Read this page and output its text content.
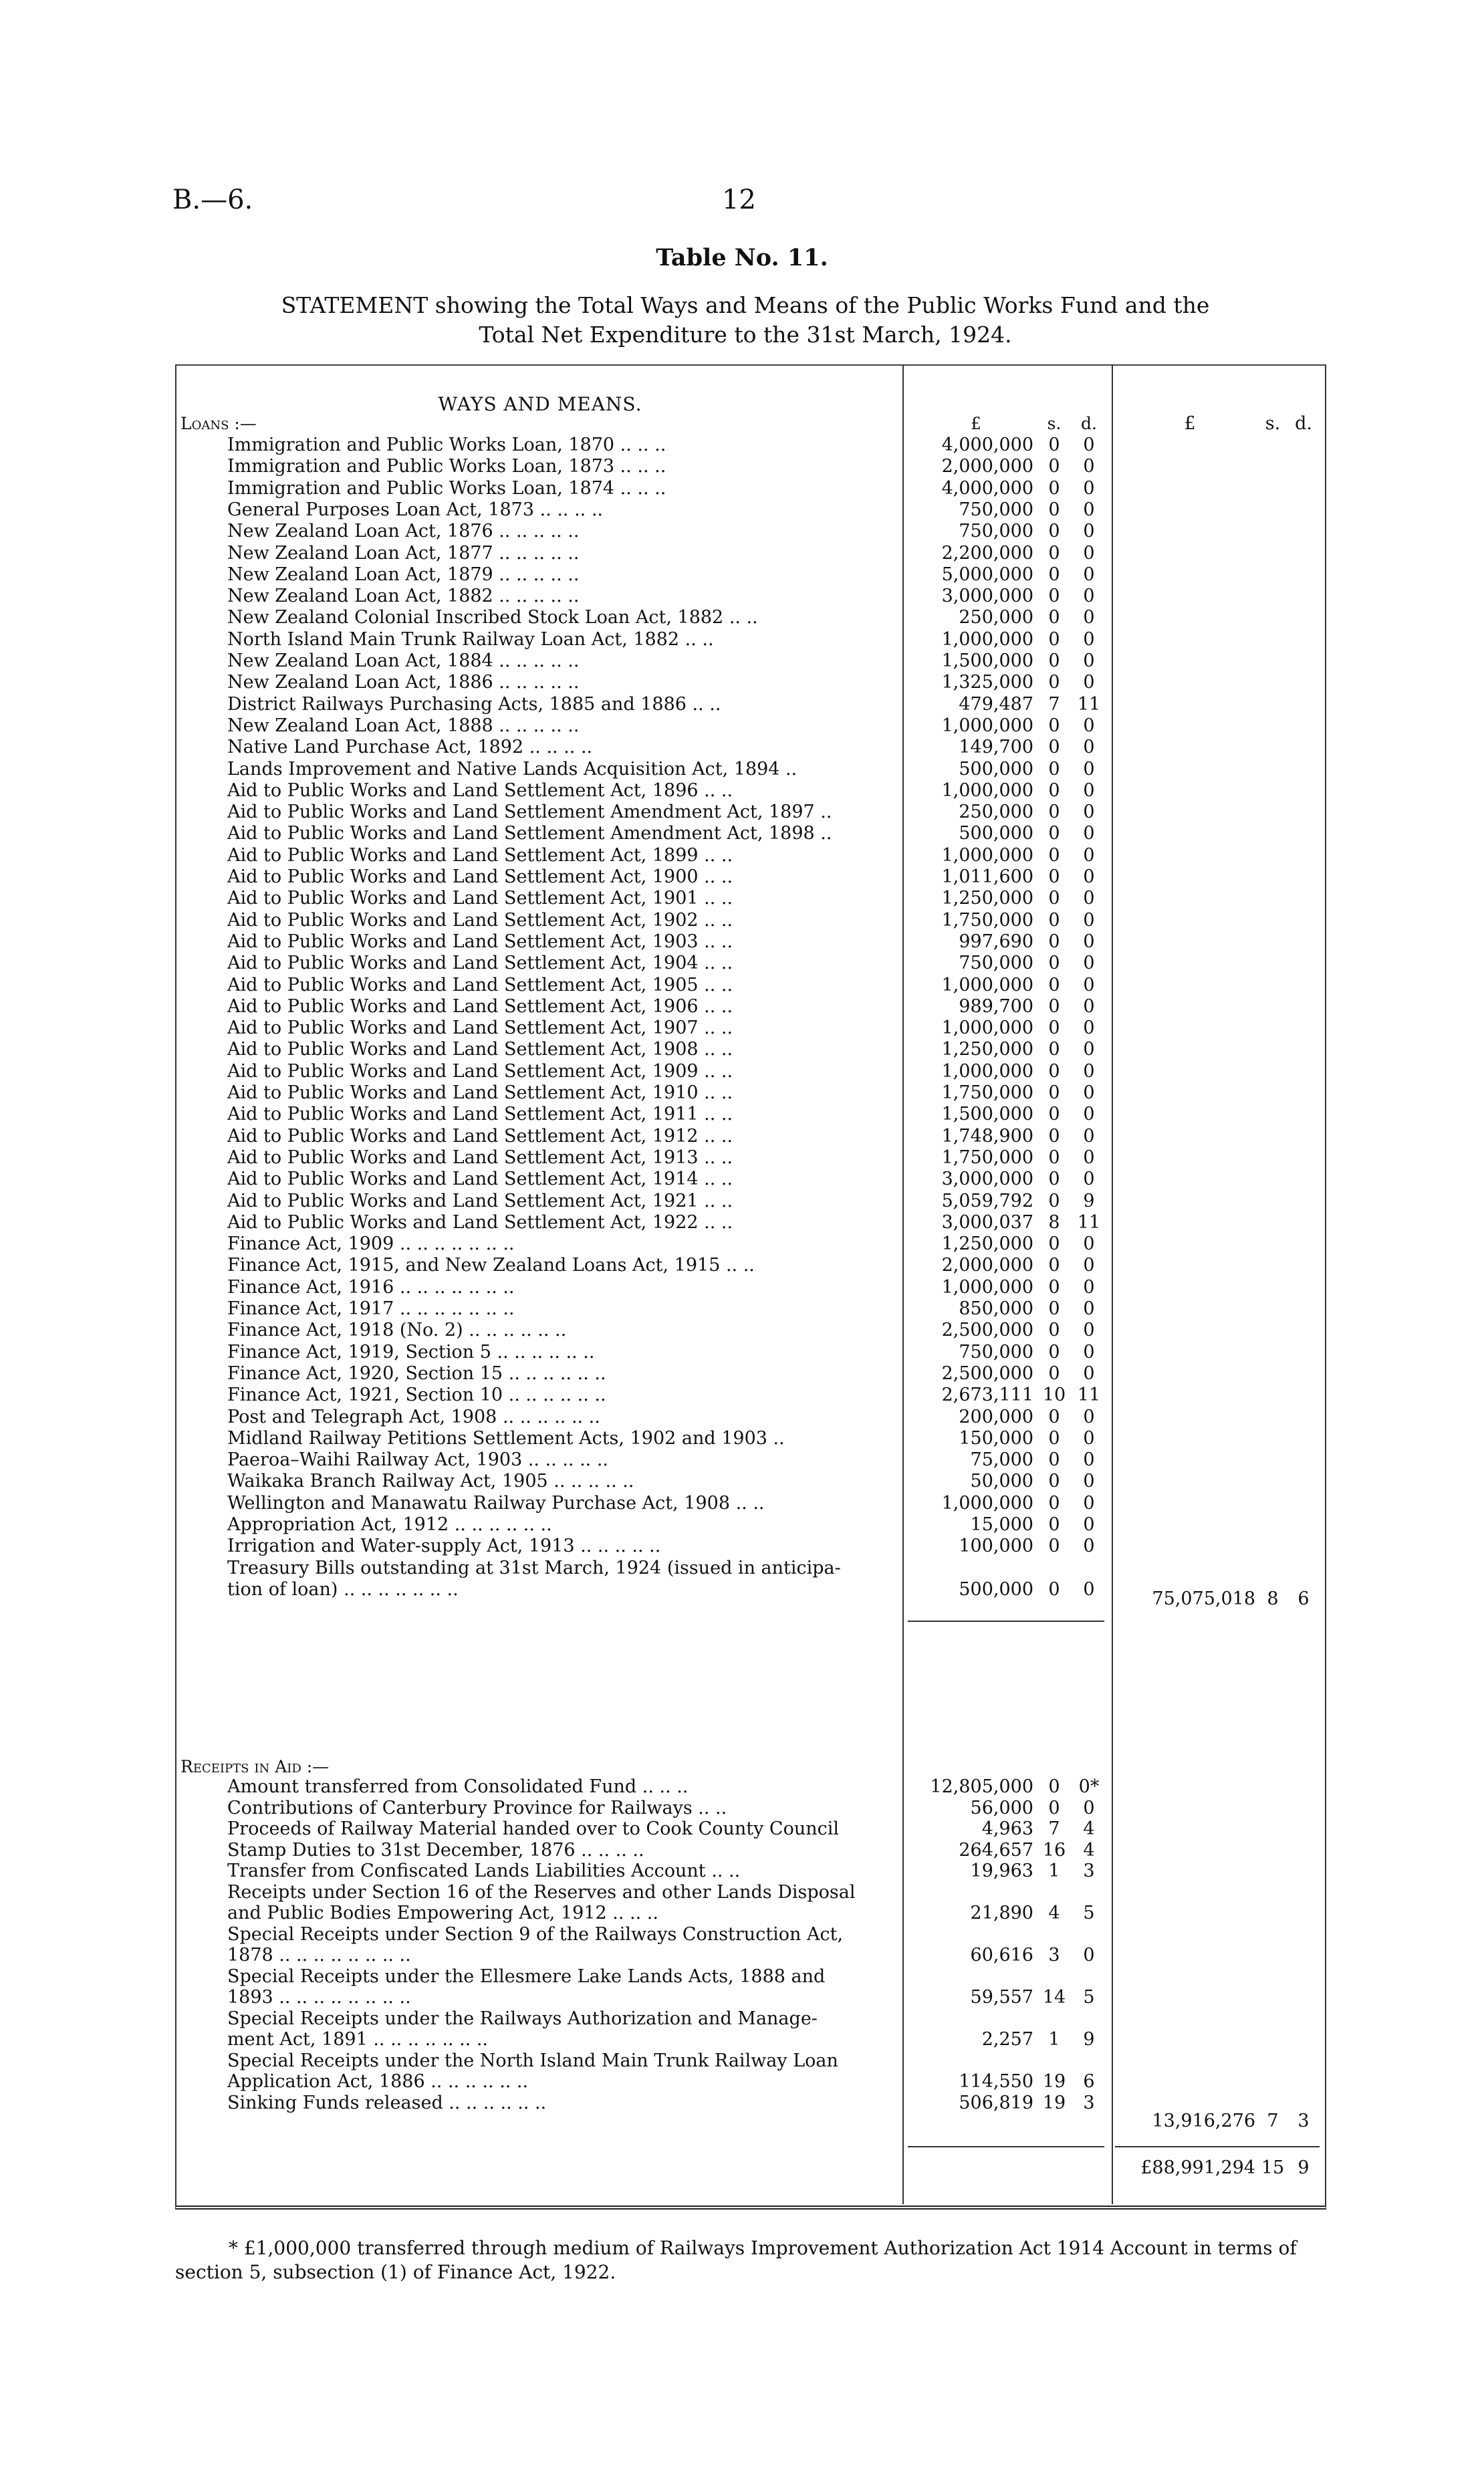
B.—6.	12
Table No. 11.
STATEMENT showing the Total Ways and Means of the Public Works Fund and the
Total Net Expenditure to the 31st March, 1924.
WAYS AND MEANS.
Loans :—	£	s.	d.	£	s. d.
Immigration and Public Works Loan, 1870 .. .. ..	4,000,000 0	0
Immigration and Public Works Loan, 1873 .. .. ..	2,000,000 0	0
Immigration and Public Works Loan, 1874 .. .. ..	4,000,000 0	0
General Purposes Loan Act, 1873 .. .. .. ..	750,000 0	0
New Zealand Loan Act, 1876 .. .. .. .. ..	750,000 0	0
New Zealand Loan Act, 1877 .. .. .. .. ..	2,200,000 0	0
New Zealand Loan Act, 1879 .. .. .. .. ..	5,000,000 0	0
New Zealand Loan Act, 1882 .. .. .. .. ..	3,000,000 0	0
New Zealand Colonial Inscribed Stock Loan Act, 1882 .. ..	250,000 0	0
North Island Main Trunk Railway Loan Act, 1882 .. ..	1,000,000 0	0
New Zealand Loan Act, 1884 .. .. .. .. ..	1,500,000 0	0
New Zealand Loan Act, 1886 .. .. .. .. ..	1,325,000 0	0
District Railways Purchasing Acts, 1885 and 1886 .. ..	479,487 7 11
New Zealand Loan Act, 1888 .. .. .. .. ..	1,000,000 0	0
Native Land Purchase Act, 1892 .. .. .. ..	149,700 0	0
Lands Improvement and Native Lands Acquisition Act, 1894 ..	500,000 0	0
Aid to Public Works and Land Settlement Act, 1896 .. ..	1,000,000 0	0
Aid to Public Works and Land Settlement Amendment Act, 1897 ..	250,000 0	0
Aid to Public Works and Land Settlement Amendment Act, 1898 ..	500,000 0	0
Aid to Public Works and Land Settlement Act, 1899 .. ..	1,000,000 0	0
Aid to Public Works and Land Settlement Act, 1900 .. ..	1,011,600 0	0
Aid to Public Works and Land Settlement Act, 1901 .. ..	1,250,000 0	0
Aid to Public Works and Land Settlement Act, 1902 .. ..	1,750,000 0	0
Aid to Public Works and Land Settlement Act, 1903 .. ..	997,690 0	0
Aid to Public Works and Land Settlement Act, 1904 .. ..	750,000 0	0
Aid to Public Works and Land Settlement Act, 1905 .. ..	1,000,000 0	0
Aid to Public Works and Land Settlement Act, 1906 .. ..	989,700 0	0
Aid to Public Works and Land Settlement Act, 1907 .. ..	1,000,000 0	0
Aid to Public Works and Land Settlement Act, 1908 .. ..	1,250,000 0	0
Aid to Public Works and Land Settlement Act, 1909 .. ..	1,000,000 0	0
Aid to Public Works and Land Settlement Act, 1910 .. ..	1,750,000 0	0
Aid to Public Works and Land Settlement Act, 1911 .. ..	1,500,000 0	0
Aid to Public Works and Land Settlement Act, 1912 .. ..	1,748,900 0	0
Aid to Public Works and Land Settlement Act, 1913 .. ..	1,750,000 0	0
Aid to Public Works and Land Settlement Act, 1914 .. ..	3,000,000 0	0
Aid to Public Works and Land Settlement Act, 1921 .. ..	5,059,792 0	9
Aid to Public Works and Land Settlement Act, 1922 .. ..	3,000,037 8 11
Finance Act, 1909 .. .. .. .. .. .. ..	1,250,000 0	0
Finance Act, 1915, and New Zealand Loans Act, 1915 .. ..	2,000,000 0	0
Finance Act, 1916 .. .. .. .. .. .. ..	1,000,000 0	0
Finance Act, 1917 .. .. .. .. .. .. ..	850,000 0	0
Finance Act, 1918 (No. 2) .. .. .. .. .. ..	2,500,000 0	0
Finance Act, 1919, Section 5 .. .. .. .. .. ..	750,000 0	0
Finance Act, 1920, Section 15 .. .. .. .. .. ..	2,500,000 0	0
Finance Act, 1921, Section 10 .. .. .. .. .. ..	2,673,111 10 11
Post and Telegraph Act, 1908 .. .. .. .. .. ..	200,000 0	0
Midland Railway Petitions Settlement Acts, 1902 and 1903 ..	150,000 0	0
Paeroa–Waihi Railway Act, 1903 .. .. .. .. ..	75,000 0	0
Waikaka Branch Railway Act, 1905 .. .. .. .. ..	50,000 0	0
Wellington and Manawatu Railway Purchase Act, 1908 .. ..	1,000,000 0	0
Appropriation Act, 1912 .. .. .. .. .. ..	15,000 0	0
Irrigation and Water-supply Act, 1913 .. .. .. .. ..	100,000 0	0
Treasury Bills outstanding at 31st March, 1924 (issued in anticipa-
tion of loan) .. .. .. .. .. .. ..	500,000 0	0	75,075,018 8	6
Receipts in Aid :—
Amount transferred from Consolidated Fund .. .. ..	12,805,000 0	0*
Contributions of Canterbury Province for Railways .. ..	56,000 0	0
Proceeds of Railway Material handed over to Cook County Council	4,963 7	4
Stamp Duties to 31st December, 1876 .. .. .. ..	264,657 16 4
Transfer from Confiscated Lands Liabilities Account .. ..	19,963 1	3
Receipts under Section 16 of the Reserves and other Lands Disposal
and Public Bodies Empowering Act, 1912 .. .. ..	21,890 4	5
Special Receipts under Section 9 of the Railways Construction Act,
1878 .. .. .. .. .. .. .. ..	60,616 3	0
Special Receipts under the Ellesmere Lake Lands Acts, 1888 and
1893 .. .. .. .. .. .. .. ..	59,557 14 5
Special Receipts under the Railways Authorization and Manage-
ment Act, 1891 .. .. .. .. .. .. ..	2,257 1	9
Special Receipts under the North Island Main Trunk Railway Loan
Application Act, 1886 .. .. .. .. .. ..	114,550 19 6
Sinking Funds released .. .. .. .. .. ..	506,819 19 3
13,916,276 7	3
£88,991,294 15 9
* £1,000,000 transferred through medium of Railways Improvement Authorization Act 1914 Account in terms of section 5, subsection (1) of Finance Act, 1922.
